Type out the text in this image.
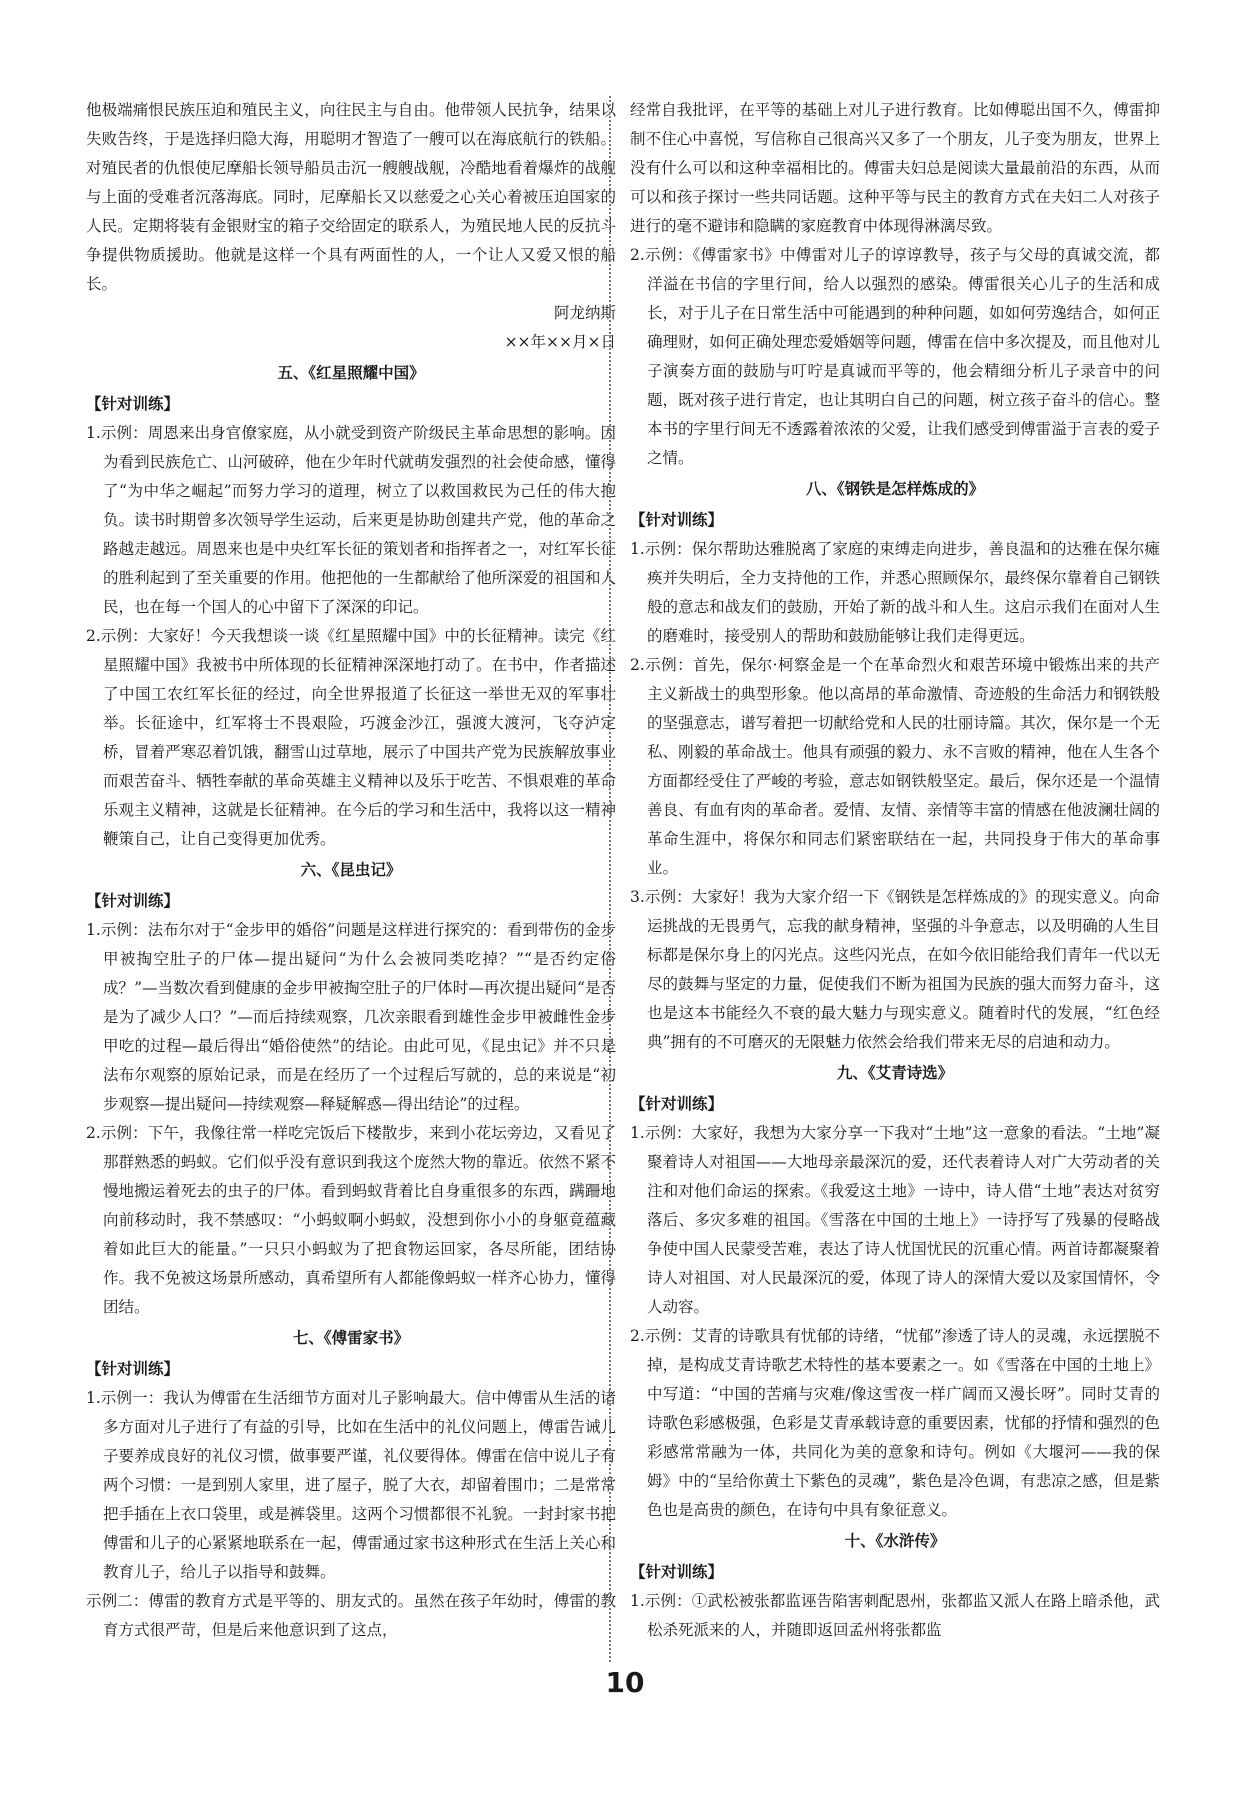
他极端痛恨民族压迫和殖民主义，向往民主与自由。他带领人民抗争，结果以失败告终，于是选择归隐大海，用聪明才智造了一艘可以在海底航行的铁船。对殖民者的仇恨使尼摩船长领导船员击沉一艘艘战舰，冷酷地看着爆炸的战舰与上面的受难者沉落海底。同时，尼摩船长又以慈爱之心关心着被压迫国家的人民。定期将装有金银财宝的箱子交给固定的联系人，为殖民地人民的反抗斗争提供物质援助。他就是这样一个具有两面性的人，一个让人又爱又恨的船长。

阿龙纳斯

××年××月×日

五、《红星照耀中国》

【针对训练】

1.示例：周恩来出身官僚家庭，从小就受到资产阶级民主革命思想的影响。因为看到民族危亡、山河破碎，他在少年时代就萌发强烈的社会使命感，懂得了“为中华之崛起”而努力学习的道理，树立了以救国救民为己任的伟大抱负。读书时期曾多次领导学生运动，后来更是协助创建共产党，他的革命之路越走越远。周恩来也是中央红军长征的策划者和指挥者之一，对红军长征的胜利起到了至关重要的作用。他把他的一生都献给了他所深爱的祖国和人民，也在每一个国人的心中留下了深深的印记。

2.示例：大家好！今天我想谈一谈《红星照耀中国》中的长征精神。读完《红星照耀中国》我被书中所体现的长征精神深深地打动了。在书中，作者描述了中国工农红军长征的经过，向全世界报道了长征这一举世无双的军事壮举。长征途中，红军将士不畏艰险，巧渡金沙江，强渡大渡河，飞夺泸定桥，冒着严寒忍着饥饿，翻雪山过草地，展示了中国共产党为民族解放事业而艰苦奋斗、牺牲奉献的革命英雄主义精神以及乐于吃苦、不惧艰难的革命乐观主义精神，这就是长征精神。在今后的学习和生活中，我将以这一精神鞭策自己，让自己变得更加优秀。

六、《昆虫记》

【针对训练】

1.示例：法布尔对于“金步甲的婚俗”问题是这样进行探究的：看到带伤的金步甲被掏空肚子的尸体—提出疑问“为什么会被同类吃掉？”“是否约定俗成？”—当数次看到健康的金步甲被掏空肚子的尸体时—再次提出疑问“是否是为了减少人口？”—而后持续观察，几次亲眼看到雄性金步甲被雌性金步甲吃的过程—最后得出“婚俗使然”的结论。由此可见，《昆虫记》并不只是法布尔观察的原始记录，而是在经历了一个过程后写就的，总的来说是“初步观察—提出疑问—持续观察—释疑解惑—得出结论”的过程。

2.示例：下午，我像往常一样吃完饭后下楼散步，来到小花坛旁边，又看见了那群熟悉的蚂蚁。它们似乎没有意识到我这个庞然大物的靠近。依然不紧不慢地搬运着死去的虫子的尸体。看到蚂蚁背着比自身重很多的东西，蹒跚地向前移动时，我不禁感叹：“小蚂蚁啊小蚂蚁，没想到你小小的身躯竟蕴藏着如此巨大的能量。”一只只小蚂蚁为了把食物运回家，各尽所能，团结协作。我不免被这场景所感动，真希望所有人都能像蚂蚁一样齐心协力，懂得团结。

七、《傅雷家书》

【针对训练】

1.示例一：我认为傅雷在生活细节方面对儿子影响最大。信中傅雷从生活的诸多方面对儿子进行了有益的引导，比如在生活中的礼仪问题上，傅雷告诫儿子要养成良好的礼仪习惯，做事要严谨，礼仪要得体。傅雷在信中说儿子有两个习惯：一是到别人家里，进了屋子，脱了大衣，却留着围巾；二是常常把手插在上衣口袋里，或是裤袋里。这两个习惯都很不礼貌。一封封家书把傅雷和儿子的心紧紧地联系在一起，傅雷通过家书这种形式在生活上关心和教育儿子，给儿子以指导和鼓舞。

示例二：傅雷的教育方式是平等的、朋友式的。虽然在孩子年幼时，傅雷的教育方式很严苛，但是后来他意识到了这点，

经常自我批评，在平等的基础上对儿子进行教育。比如傅聪出国不久，傅雷抑制不住心中喜悦，写信称自己很高兴又多了一个朋友，儿子变为朋友，世界上没有什么可以和这种幸福相比的。傅雷夫妇总是阅读大量最前沿的东西，从而可以和孩子探讨一些共同话题。这种平等与民主的教育方式在夫妇二人对孩子进行的毫不避讳和隐瞒的家庭教育中体现得淋漓尽致。

2.示例：《傅雷家书》中傅雷对儿子的谆谆教导，孩子与父母的真诚交流，都洋溢在书信的字里行间，给人以强烈的感染。傅雷很关心儿子的生活和成长，对于儿子在日常生活中可能遇到的种种问题，如如何劳逸结合，如何正确理财，如何正确处理恋爱婚姻等问题，傅雷在信中多次提及，而且他对儿子演奏方面的鼓励与叮咛是真诚而平等的，他会精细分析儿子录音中的问题，既对孩子进行肯定，也让其明白自己的问题，树立孩子奋斗的信心。整本书的字里行间无不透露着浓浓的父爱，让我们感受到傅雷溢于言表的爱子之情。

八、《钢铁是怎样炼成的》

【针对训练】

1.示例：保尔帮助达雅脱离了家庭的束缚走向进步，善良温和的达雅在保尔瘫痪并失明后，全力支持他的工作，并悉心照顾保尔，最终保尔靠着自己钢铁般的意志和战友们的鼓励，开始了新的战斗和人生。这启示我们在面对人生的磨难时，接受别人的帮助和鼓励能够让我们走得更远。

2.示例：首先，保尔·柯察金是一个在革命烈火和艰苦环境中锻炼出来的共产主义新战士的典型形象。他以高昂的革命激情、奇迹般的生命活力和钢铁般的坚强意志，谱写着把一切献给党和人民的壮丽诗篇。其次，保尔是一个无私、刚毅的革命战士。他具有顽强的毅力、永不言败的精神，他在人生各个方面都经受住了严峻的考验，意志如钢铁般坚定。最后，保尔还是一个温情善良、有血有肉的革命者。爱情、友情、亲情等丰富的情感在他波澜壮阔的革命生涯中，将保尔和同志们紧密联结在一起，共同投身于伟大的革命事业。

3.示例：大家好！我为大家介绍一下《钢铁是怎样炼成的》的现实意义。向命运挑战的无畏勇气，忘我的献身精神，坚强的斗争意志，以及明确的人生目标都是保尔身上的闪光点。这些闪光点，在如今依旧能给我们青年一代以无尽的鼓舞与坚定的力量，促使我们不断为祖国为民族的强大而努力奋斗，这也是这本书能经久不衰的最大魅力与现实意义。随着时代的发展，“红色经典”拥有的不可磨灭的无限魅力依然会给我们带来无尽的启迪和动力。

九、《艾青诗选》

【针对训练】

1.示例：大家好，我想为大家分享一下我对“土地”这一意象的看法。“土地”凝聚着诗人对祖国——大地母亲最深沉的爱，还代表着诗人对广大劳动者的关注和对他们命运的探索。《我爱这土地》一诗中，诗人借“土地”表达对贫穷落后、多灾多难的祖国。《雪落在中国的土地上》一诗抒写了残暴的侵略战争使中国人民蒙受苦难，表达了诗人忧国忧民的沉重心情。两首诗都凝聚着诗人对祖国、对人民最深沉的爱，体现了诗人的深情大爱以及家国情怀，令人动容。

2.示例：艾青的诗歌具有忧郁的诗绪，“忧郁”渗透了诗人的灵魂，永远摆脱不掉，是构成艾青诗歌艺术特性的基本要素之一。如《雪落在中国的土地上》中写道：“中国的苦痛与灾难/像这雪夜一样广阔而又漫长呀”。同时艾青的诗歌色彩感极强，色彩是艾青承载诗意的重要因素，忧郁的抒情和强烈的色彩感常常融为一体，共同化为美的意象和诗句。例如《大堰河——我的保姆》中的“呈给你黄土下紫色的灵魂”，紫色是冷色调，有悲凉之感，但是紫色也是高贵的颜色，在诗句中具有象征意义。

十、《水浒传》

【针对训练】

1.示例：①武松被张都监诬告陷害刺配恩州，张都监又派人在路上暗杀他，武松杀死派来的人，并随即返回孟州将张都监

10
